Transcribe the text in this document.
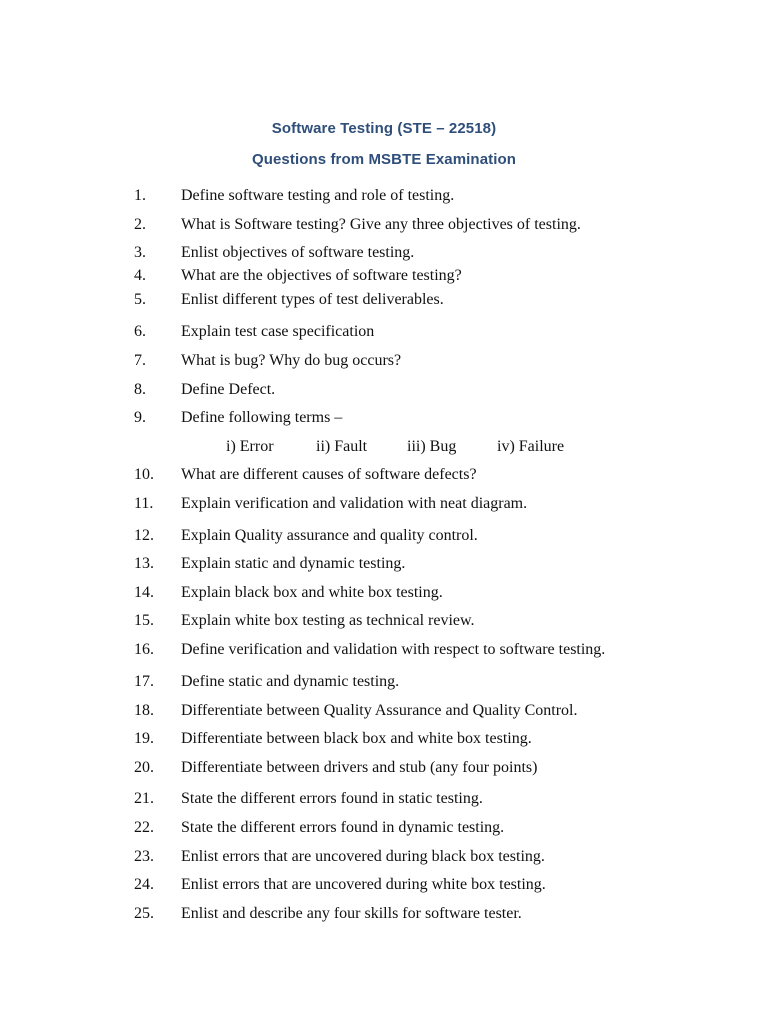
Software Testing (STE – 22518)
Questions from MSBTE Examination
1. Define software testing and role of testing.
2. What is Software testing? Give any three objectives of testing.
3. Enlist objectives of software testing.
4. What are the objectives of software testing?
5. Enlist different types of test deliverables.
6. Explain test case specification
7. What is bug? Why do bug occurs?
8. Define Defect.
9. Define following terms –
i) Error	ii) Fault iii) Bug	iv) Failure
10. What are different causes of software defects?
11. Explain verification and validation with neat diagram.
12. Explain Quality assurance and quality control.
13. Explain static and dynamic testing.
14. Explain black box and white box testing.
15. Explain white box testing as technical review.
16. Define verification and validation with respect to software testing.
17. Define static and dynamic testing.
18. Differentiate between Quality Assurance and Quality Control.
19. Differentiate between black box and white box testing.
20. Differentiate between drivers and stub (any four points)
21. State the different errors found in static testing.
22. State the different errors found in dynamic testing.
23. Enlist errors that are uncovered during black box testing.
24. Enlist errors that are uncovered during white box testing.
25. Enlist and describe any four skills for software tester.
